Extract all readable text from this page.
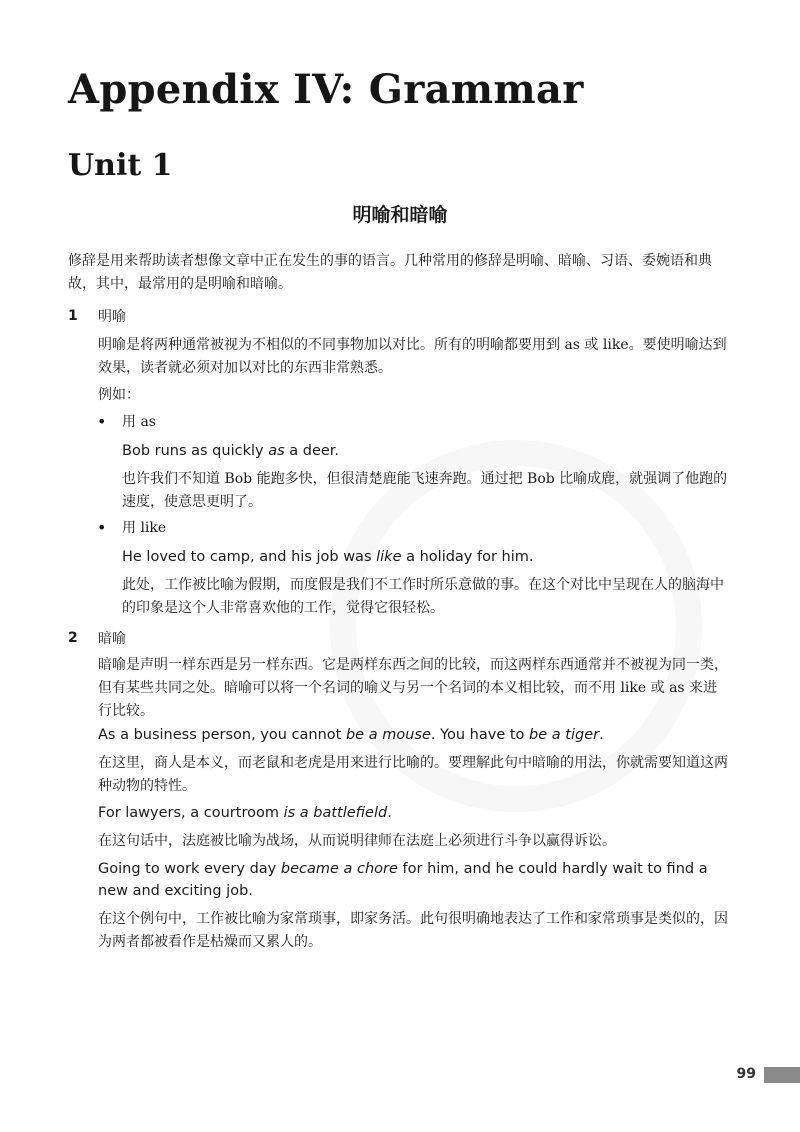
Appendix IV: Grammar
Unit 1
明喻和暗喻

修辞是用来帮助读者想像文章中正在发生的事的语言。几种常用的修辞是明喻、暗喻、习语、委婉语和典故，其中，最常用的是明喻和暗喻。

1 明喻

明喻是将两种通常被视为不相似的不同事物加以对比。所有的明喻都要用到 as 或 like。要使明喻达到效果，读者就必须对加以对比的东西非常熟悉。

例如：

• 用 as

Bob runs as quickly as a deer.

也许我们不知道 Bob 能跑多快，但很清楚鹿能飞速奔跑。通过把 Bob 比喻成鹿，就强调了他跑的速度，使意思更明了。

• 用 like

He loved to camp, and his job was like a holiday for him.

此处，工作被比喻为假期，而度假是我们不工作时所乐意做的事。在这个对比中呈现在人的脑海中的印象是这个人非常喜欢他的工作，觉得它很轻松。

2 暗喻

暗喻是声明一样东西是另一样东西。它是两样东西之间的比较，而这两样东西通常并不被视为同一类，但有某些共同之处。暗喻可以将一个名词的喻义与另一个名词的本义相比较，而不用 like 或 as 来进行比较。

As a business person, you cannot be a mouse. You have to be a tiger.

在这里，商人是本义，而老鼠和老虎是用来进行比喻的。要理解此句中暗喻的用法，你就需要知道这两种动物的特性。

For lawyers, a courtroom is a battlefield.

在这句话中，法庭被比喻为战场，从而说明律师在法庭上必须进行斗争以赢得诉讼。

Going to work every day became a chore for him, and he could hardly wait to find a new and exciting job.

在这个例句中，工作被比喻为家常琐事，即家务活。此句很明确地表达了工作和家常琐事是类似的，因为两者都被看作是枯燥而又累人的。

99
